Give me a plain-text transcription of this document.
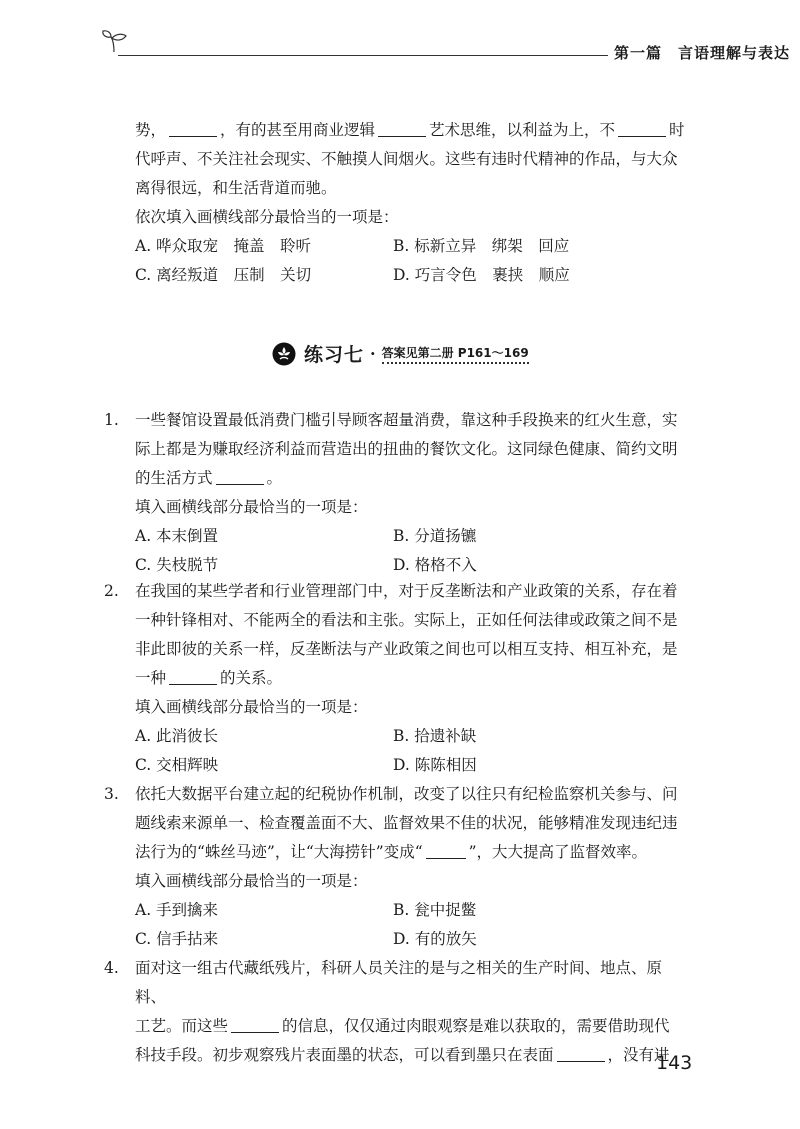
第一篇 言语理解与表达
势，	，有的甚至用商业逻辑	艺术思维，以利益为上，不	时
代呼声、不关注社会现实、不触摸人间烟火。这些有违时代精神的作品，与大众
离得很远，和生活背道而驰。
依次填入画横线部分最恰当的一项是：
A. 哗众取宠　掩盖　聆听	B. 标新立异　绑架　回应
C. 离经叛道　压制　关切	D. 巧言令色　裹挟　顺应
练习七 · 答案见第二册 P161～169
1. 一些餐馆设置最低消费门槛引导顾客超量消费，靠这种手段换来的红火生意，实
际上都是为赚取经济利益而营造出的扭曲的餐饮文化。这同绿色健康、简约文明
的生活方式	。
填入画横线部分最恰当的一项是：
A. 本末倒置	B. 分道扬镳
C. 失枝脱节	D. 格格不入
2. 在我国的某些学者和行业管理部门中，对于反垄断法和产业政策的关系，存在着
一种针锋相对、不能两全的看法和主张。实际上，正如任何法律或政策之间不是
非此即彼的关系一样，反垄断法与产业政策之间也可以相互支持、相互补充，是
一种	的关系。
填入画横线部分最恰当的一项是：
A. 此消彼长	B. 拾遗补缺
C. 交相辉映	D. 陈陈相因
3. 依托大数据平台建立起的纪税协作机制，改变了以往只有纪检监察机关参与、问
题线索来源单一、检查覆盖面不大、监督效果不佳的状况，能够精准发现违纪违
法行为的“蛛丝马迹”，让“大海捞针”变成“	”，大大提高了监督效率。
填入画横线部分最恰当的一项是：
A. 手到擒来	B. 瓮中捉鳖
C. 信手拈来	D. 有的放矢
4. 面对这一组古代藏纸残片，科研人员关注的是与之相关的生产时间、地点、原料、
工艺。而这些	的信息，仅仅通过肉眼观察是难以获取的，需要借助现代
科技手段。初步观察残片表面墨的状态，可以看到墨只在表面	，没有进
143
